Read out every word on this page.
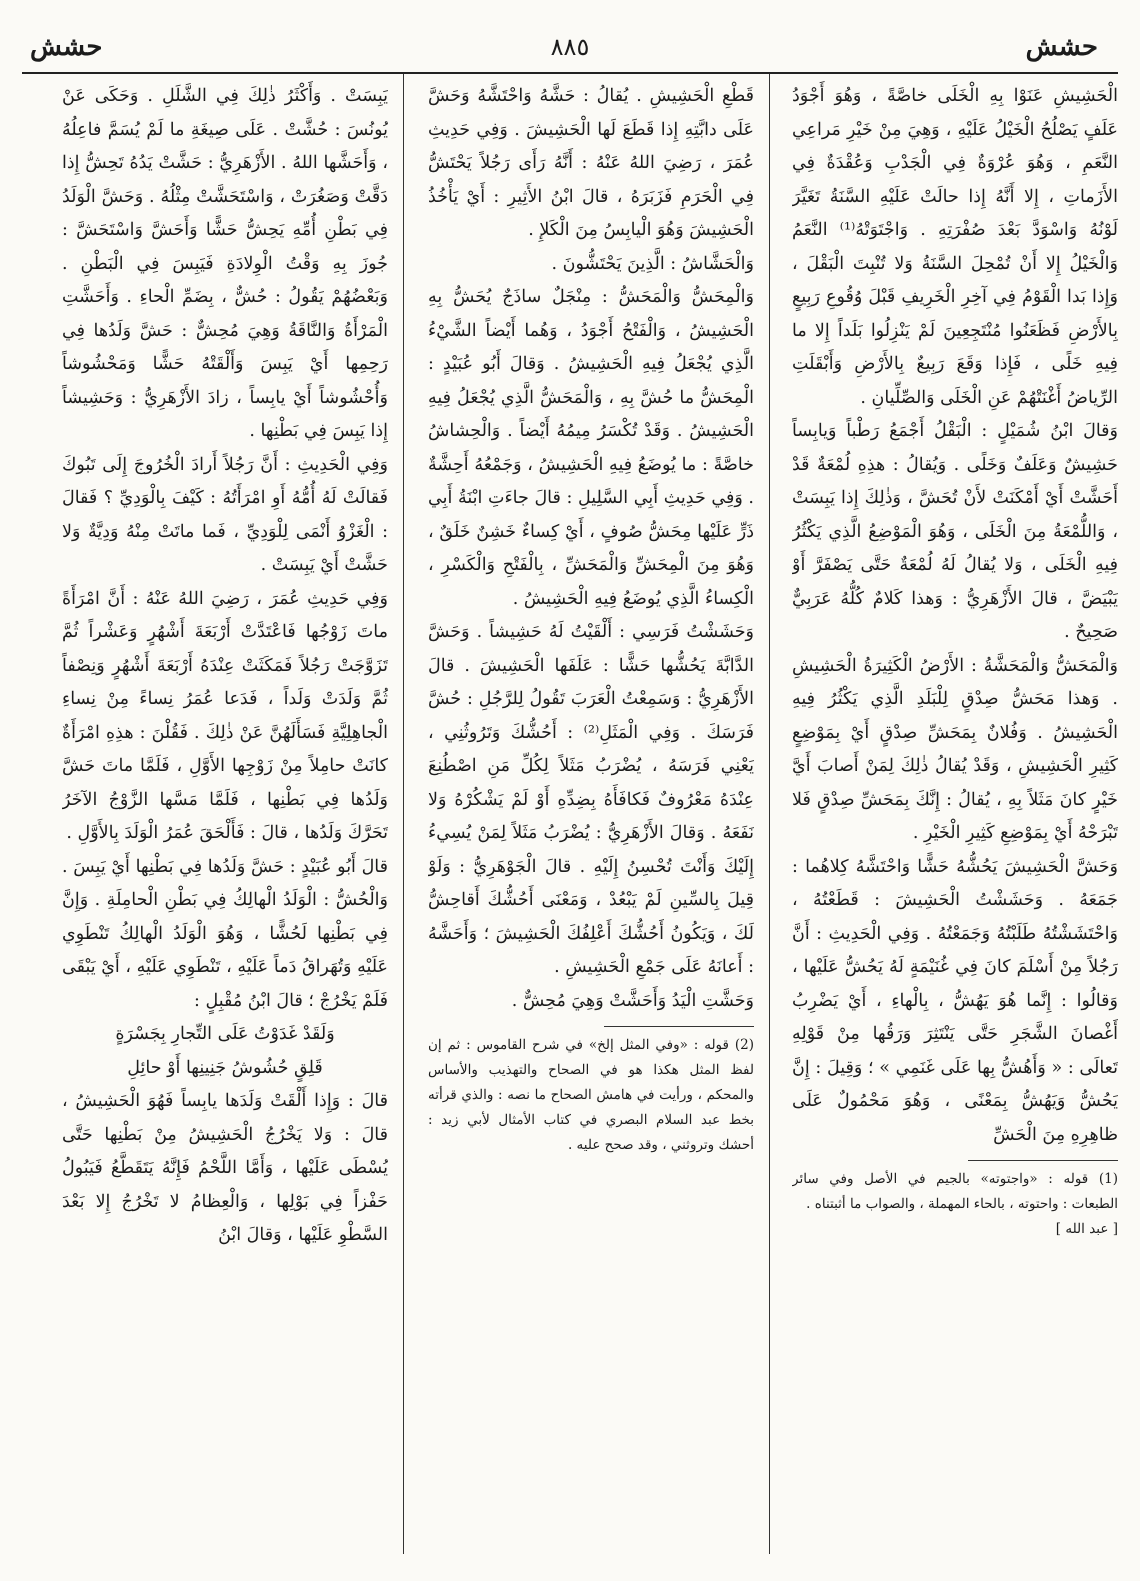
حشش
٨٨٥
حشش

الْحَشِيشِ عَنَوْا بِهِ الْخَلَى خاصَّةً ، وَهُوَ أَجْوَدُ عَلَفٍ يَصْلُحُ الْخَيْلُ عَلَيْهِ ، وَهِيَ مِنْ خَيْرِ مَراعِي النَّعَمِ ، وَهُوَ عُرْوَةٌ فِي الْجَدْبِ وَعُقْدَةٌ فِي الأَزَماتِ ، إِلا أَنَّهُ إِذا حالَتْ عَلَيْهِ السَّنَةُ تَغَيَّرَ لَوْنُهُ وَاسْوَدَّ بَعْدَ صُفْرَتِهِ . وَاجْتَوَتْهُ⁽¹⁾ النَّعَمُ وَالْخَيْلُ إِلا أَنْ تُمْحِلَ السَّنَةُ وَلا تُنْبِتَ الْبَقْلَ ، وَإِذا بَدا الْقَوْمُ فِي آخِرِ الْخَرِيفِ قَبْلَ وُقُوعِ رَبِيعٍ بِالأَرْضِ فَظَعَنُوا مُنْتَجِعِينَ لَمْ يَنْزِلُوا بَلَداً إِلا ما فِيهِ خَلًى ، فَإِذا وَقَعَ رَبِيعٌ بِالأَرْضِ وَأَبْقَلَتِ الرِّياضُ أَغْنَتْهُمْ عَنِ الْخَلَى وَالصِّلِّيانِ .

وَقالَ ابْنُ شُمَيْلٍ : الْبَقْلُ أَجْمَعُ رَطْباً وَيابِساً حَشِيشٌ وَعَلَفٌ وَخَلًى . وَيُقالُ : هذِهِ لُمْعَةٌ قَدْ أَحَشَّتْ أَيْ أَمْكَنَتْ لأَنْ تُحَشَّ ، وَذٰلِكَ إِذا يَبِسَتْ ، وَاللُّمْعَةُ مِنَ الْخَلَى ، وَهُوَ الْمَوْضِعُ الَّذِي يَكْثُرُ فِيهِ الْخَلَى ، وَلا يُقالُ لَهُ لُمْعَةٌ حَتَّى يَصْفَرَّ أَوْ يَبْيَضَّ ، قالَ الأَزْهَرِيُّ : وَهذا كَلامٌ كُلُّهُ عَرَبِيٌّ صَحِيحٌ .

وَالْمَحَشُّ وَالْمَحَشَّةُ : الأَرْضُ الْكَثِيرَةُ الْحَشِيشِ . وَهذا مَحَشُّ صِدْقٍ لِلْبَلَدِ الَّذِي يَكْثُرُ فِيهِ الْحَشِيشُ . وَفُلانٌ بِمَحَشِّ صِدْقٍ أَيْ بِمَوْضِعٍ كَثِيرِ الْحَشِيشِ ، وَقَدْ يُقالُ ذٰلِكَ لِمَنْ أَصابَ أَيَّ خَيْرٍ كانَ مَثَلاً بِهِ ، يُقالُ : إِنَّكَ بِمَحَشِّ صِدْقٍ فَلا تَبْرَحْهُ أَيْ بِمَوْضِعِ كَثِيرِ الْخَيْرِ .

وَحَشَّ الْحَشِيشَ يَحُشُّهُ حَشًّا وَاحْتَشَّهُ كِلاهُما : جَمَعَهُ . وَحَشَشْتُ الْحَشِيشَ : قَطَعْتُهُ ، وَاحْتَشَشْتُهُ طَلَبْتُهُ وَجَمَعْتُهُ . وَفِي الْحَدِيثِ : أَنَّ رَجُلاً مِنْ أَسْلَمَ كانَ فِي غُنَيْمَةٍ لَهُ يَحُشُّ عَلَيْها ، وَقالُوا : إِنَّما هُوَ يَهُشُّ ، بِالْهاءِ ، أَيْ يَضْرِبُ أَغْصانَ الشَّجَرِ حَتَّى يَنْتَثِرَ وَرَقُها مِنْ قَوْلِهِ تَعالَى : « وَأَهُشُّ بِها عَلَى غَنَمِي » ؛ وَقِيلَ : إِنَّ يَحُشُّ وَيَهُشُّ بِمَعْنًى ، وَهُوَ مَحْمُولٌ عَلَى ظاهِرِهِ مِنَ الْحَشِّ

(1) قوله : «واجتوته» بالجيم في الأصل وفي سائر الطبعات : واحتوته ، بالحاء المهملة ، والصواب ما أثبتناه .

[ عبد الله ]

قَطْعِ الْحَشِيشِ . يُقالُ : حَشَّهُ وَاحْتَشَّهُ وَحَشَّ عَلَى دابَّتِهِ إِذا قَطَعَ لَها الْحَشِيشَ . وَفِي حَدِيثِ عُمَرَ ، رَضِيَ اللهُ عَنْهُ : أَنَّهُ رَأَى رَجُلاً يَحْتَشُّ فِي الْحَرَمِ فَزَبَرَهُ ، قالَ ابْنُ الأَثِيرِ : أَيْ يَأْخُذُ الْحَشِيشَ وَهُوَ الْيابِسُ مِنَ الْكَلإِ .

وَالْحَشَّاشُ : الَّذِينَ يَحْتَشُّونَ .

وَالْمِحَشُّ وَالْمَحَشُّ : مِنْجَلٌ ساذَجٌ يُحَشُّ بِهِ الْحَشِيشُ ، وَالْفَتْحُ أَجْوَدُ ، وَهُما أَيْضاً الشَّيْءُ الَّذِي يُجْعَلُ فِيهِ الْحَشِيشُ . وَقالَ أَبُو عُبَيْدٍ : الْمِحَشُّ ما حُشَّ بِهِ ، وَالْمَحَشُّ الَّذِي يُجْعَلُ فِيهِ الْحَشِيشُ . وَقَدْ تُكْسَرُ مِيمُهُ أَيْضاً . وَالْحِشاشُ خاصَّةً : ما يُوضَعُ فِيهِ الْحَشِيشُ ، وَجَمْعُهُ أَحِشَّةٌ . وَفِي حَدِيثِ أَبِي السَّلِيلِ : قالَ جاءَتِ ابْنَةُ أَبِي ذَرٍّ عَلَيْها مِحَشُّ صُوفٍ ، أَيْ كِساءٌ خَشِنٌ خَلَقٌ ، وَهُوَ مِنَ الْمِحَشِّ وَالْمَحَشِّ ، بِالْفَتْحِ وَالْكَسْرِ ، الْكِساءُ الَّذِي يُوضَعُ فِيهِ الْحَشِيشُ .

وَحَشَشْتُ فَرَسِي : أَلْقَيْتُ لَهُ حَشِيشاً . وَحَشَّ الدَّابَّةَ يَحُشُّها حَشًّا : عَلَفَها الْحَشِيشَ . قالَ الأَزْهَرِيُّ : وَسَمِعْتُ الْعَرَبَ تَقُولُ لِلرَّجُلِ : حُشَّ فَرَسَكَ . وَفِي الْمَثَلِ⁽²⁾ : أَحُشُّكَ وَتَرُوثُنِي ، يَعْنِي فَرَسَهُ ، يُضْرَبُ مَثَلاً لِكُلِّ مَنِ اصْطُنِعَ عِنْدَهُ مَعْرُوفٌ فَكافَأَهُ بِضِدِّهِ أَوْ لَمْ يَشْكُرْهُ وَلا نَفَعَهُ . وَقالَ الأَزْهَرِيُّ : يُضْرَبُ مَثَلاً لِمَنْ يُسِيءُ إِلَيْكَ وَأَنْتَ تُحْسِنُ إِلَيْهِ . قالَ الْجَوْهَرِيُّ : وَلَوْ قِيلَ بِالسِّينِ لَمْ يَبْعُدْ ، وَمَعْنَى أَحُشُّكَ أَقاحِشُّ لَكَ ، وَيَكُونُ أَحُشُّكَ أَعْلِفُكَ الْحَشِيشَ ؛ وَأَحَشَّهُ : أَعانَهُ عَلَى جَمْعِ الْحَشِيشِ .

وَحَشَّتِ الْيَدُ وَأَحَشَّتْ وَهِيَ مُحِشٌّ .

(2) قوله : «وفي المثل إلخ» في شرح القاموس : ثم إن لفظ المثل هكذا هو في الصحاح والتهذيب والأساس والمحكم ، ورأيت في هامش الصحاح ما نصه : والذي قرأته بخط عبد السلام البصري في كتاب الأمثال لأبي زيد : أحشك وتروثني ، وقد صحح عليه .

يَبِسَتْ . وَأَكْثَرُ ذٰلِكَ فِي الشَّلَلِ . وَحَكَى عَنْ يُونُسَ : حُشَّتْ . عَلَى صِيغَةِ ما لَمْ يُسَمَّ فاعِلُهُ ، وَأَحَشَّها اللهُ . الأَزْهَرِيُّ : حَشَّتْ يَدُهُ تَحِشُّ إِذا دَقَّتْ وَصَغُرَتْ ، وَاسْتَحَشَّتْ مِثْلُهُ . وَحَشَّ الْوَلَدُ فِي بَطْنِ أُمِّهِ يَحِشُّ حَشًّا وَأَحَشَّ وَاسْتَحَشَّ : جُوزَ بِهِ وَقْتُ الْوِلادَةِ فَيَبِسَ فِي الْبَطْنِ . وَبَعْضُهُمْ يَقُولُ : حُشٌّ ، بِضَمِّ الْحاءِ . وَأَحَشَّتِ الْمَرْأَةُ وَالنَّاقَةُ وَهِيَ مُحِشٌّ : حَشَّ وَلَدُها فِي رَحِمِها أَيْ يَبِسَ وَأَلْقَتْهُ حَشًّا وَمَحْشُوشاً وَأُحْشُوشاً أَيْ يابِساً ، زادَ الأَزْهَرِيُّ : وَحَشِيشاً إِذا يَبِسَ فِي بَطْنِها .

وَفِي الْحَدِيثِ : أَنَّ رَجُلاً أَرادَ الْخُرُوجَ إِلَى تَبُوكَ فَقالَتْ لَهُ أُمُّهُ أَوِ امْرَأَتُهُ : كَيْفَ بِالْوَدِيِّ ؟ فَقالَ : الْغَزْوُ أَنْمَى لِلْوَدِيِّ ، فَما ماتَتْ مِنْهُ وَدِيَّةٌ وَلا حَشَّتْ أَيْ يَبِسَتْ .

وَفِي حَدِيثِ عُمَرَ ، رَضِيَ اللهُ عَنْهُ : أَنَّ امْرَأَةً ماتَ زَوْجُها فَاعْتَدَّتْ أَرْبَعَةَ أَشْهُرٍ وَعَشْراً ثُمَّ تَزَوَّجَتْ رَجُلاً فَمَكَثَتْ عِنْدَهُ أَرْبَعَةَ أَشْهُرٍ وَنِصْفاً ثُمَّ وَلَدَتْ وَلَداً ، فَدَعا عُمَرُ نِساءً مِنْ نِساءِ الْجاهِلِيَّةِ فَسَأَلَهُنَّ عَنْ ذٰلِكَ . فَقُلْنَ : هذِهِ امْرَأَةٌ كانَتْ حامِلاً مِنْ زَوْجِها الأَوَّلِ ، فَلَمَّا ماتَ حَشَّ وَلَدُها فِي بَطْنِها ، فَلَمَّا مَسَّها الزَّوْجُ الآخَرُ تَحَرَّكَ وَلَدُها ، قالَ : فَأَلْحَقَ عُمَرُ الْوَلَدَ بِالأَوَّلِ .

قالَ أَبُو عُبَيْدٍ : حَشَّ وَلَدُها فِي بَطْنِها أَيْ يَبِسَ . وَالْحُشُّ : الْوَلَدُ الْهالِكُ فِي بَطْنِ الْحامِلَةِ . وَإِنَّ فِي بَطْنِها لَحُشًّا ، وَهُوَ الْوَلَدُ الْهالِكُ تَنْطَوِي عَلَيْهِ وَتُهَراقُ دَماً عَلَيْهِ ، تَنْطَوِي عَلَيْهِ ، أَيْ يَبْقَى فَلَمْ يَخْرُجْ ؛ قالَ ابْنُ مُقْبِلٍ :

وَلَقَدْ غَدَوْتُ عَلَى التِّجارِ بِجَسْرَةٍ

قَلِقٍ حُشُوشُ جَنِينِها أَوْ حائِلِ

قالَ : وَإِذا أَلْقَتْ وَلَدَها يابِساً فَهُوَ الْحَشِيشُ ، قالَ : وَلا يَخْرُجُ الْحَشِيشُ مِنْ بَطْنِها حَتَّى يُسْطَى عَلَيْها ، وَأَمَّا اللَّحْمُ فَإِنَّهُ يَتَقَطَّعُ فَيَبُولُ حَفْزاً فِي بَوْلِها ، وَالْعِظامُ لا تَخْرُجُ إِلا بَعْدَ السَّطْوِ عَلَيْها ، وَقالَ ابْنُ
